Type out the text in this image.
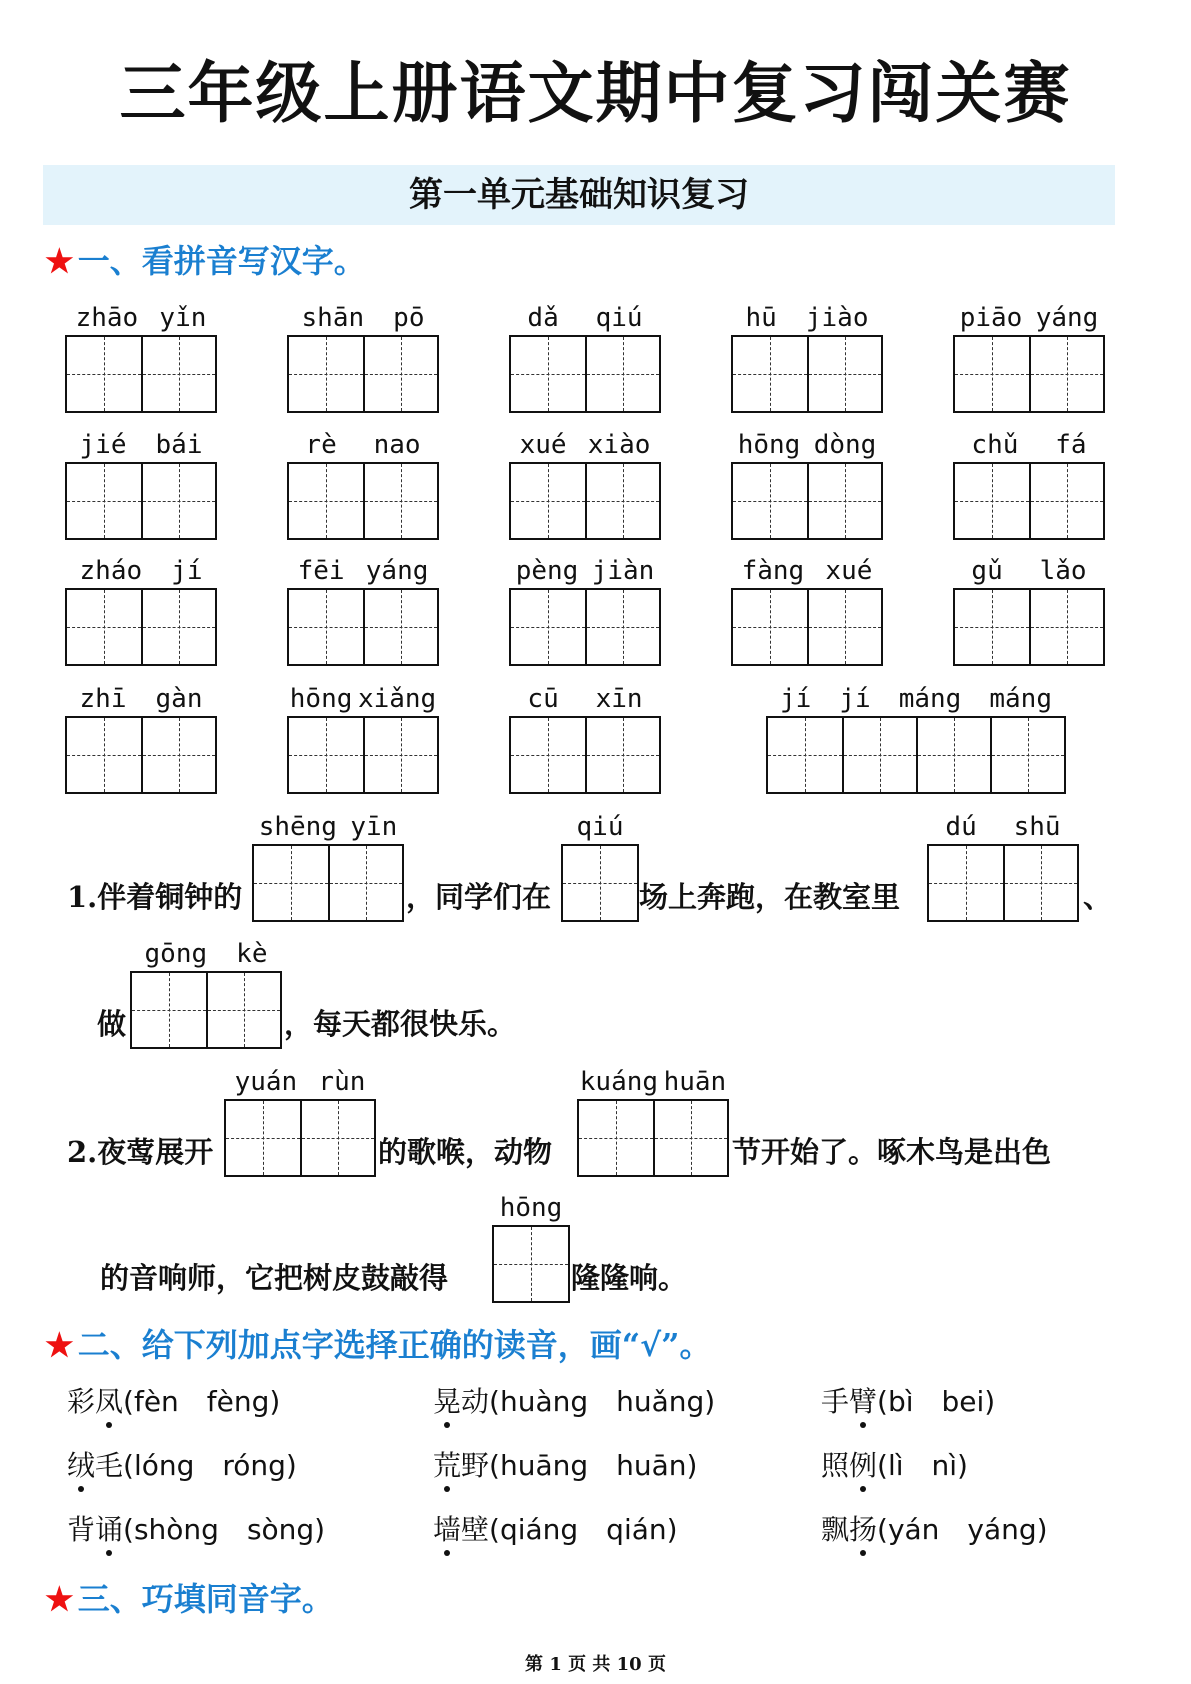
三年级上册语文期中复习闯关赛
第一单元基础知识复习
★ 一、看拼音写汉字。
zhāo yǐn	shān pō	dǎ qiú	hū jiào	piāo yáng
jié bái	rè nao	xué xiào	hōng dòng	chǔ fá
zháo jí	fēi yáng	pèng jiàn	fàng xué	gǔ lǎo
zhī gàn	hōng xiǎng	cū xīn	jí jí máng máng
shēng yīn
1.伴着铜钟的	，同学们在
qiú
场上奔跑，在教室里
dú shū
、
做
gōng kè
，每天都很快乐。
2.夜莺展开
yuán rùn
的歌喉，动物
kuáng huān
节开始了。啄木鸟是出色
的音响师，它把树皮鼓敲得
hōng
隆隆响。
★ 二、给下列加点字选择正确的读音，画“√”。
彩凤(fèn　fèng)	晃动(huàng　huǎng)	手臂(bì　bei)
绒毛(lóng　róng)	荒野(huāng　huān)	照例(lì　nì)
背诵(shòng　sòng)	墙壁(qiáng　qián)	飘扬(yán　yáng)
★ 三、巧填同音字。
第 1 页 共 10 页
